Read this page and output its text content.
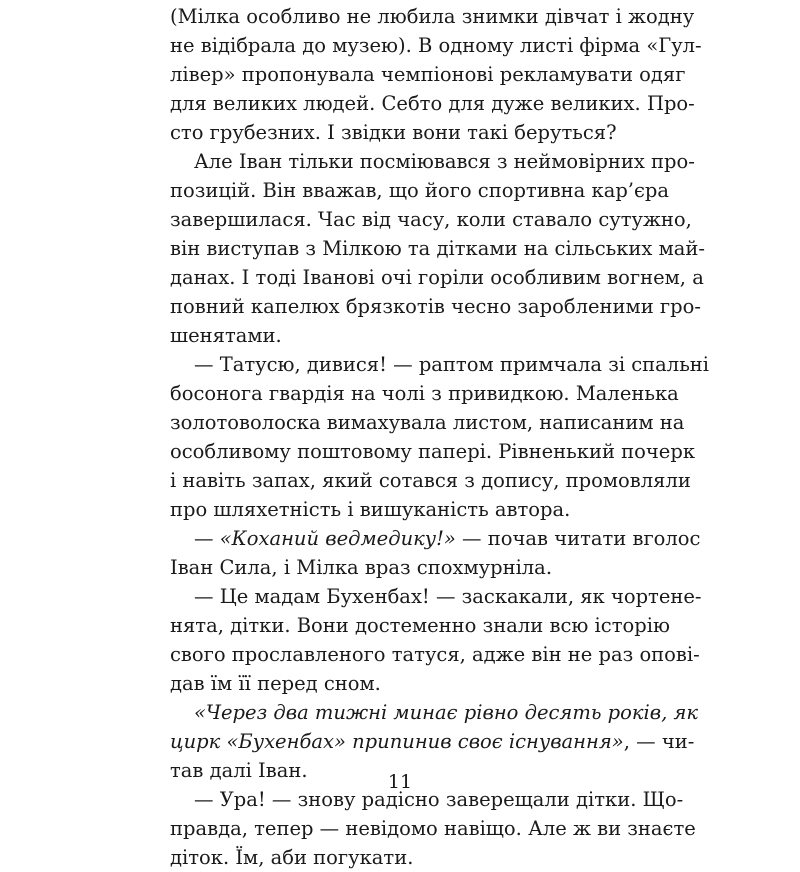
(Мілка особливо не любила знимки дівчат і жодну
не відібрала до музею). В одному листі фірма «Гул-
лівер» пропонувала чемпіонові рекламувати одяг
для великих людей. Себто для дуже великих. Про-
сто грубезних. І звідки вони такі беруться?
Але Іван тільки посміювався з неймовірних про-
позицій. Він вважав, що його спортивна кар’єра
завершилася. Час від часу, коли ставало сутужно,
він виступав з Мілкою та дітками на сільських май-
данах. І тоді Іванові очі горіли особливим вогнем, а
повний капелюх брязкотів чесно заробленими гро-
шенятами.
— Татусю, дивися! — раптом примчала зі спальні
босонога гвардія на чолі з привидкою. Маленька
золотоволоска вимахувала листом, написаним на
особливому поштовому папері. Рівненький почерк
і навіть запах, який сотався з допису, промовляли
про шляхетність і вишуканість автора.
— «Коханий ведмедику!» — почав читати вголос
Іван Сила, і Мілка враз спохмурніла.
— Це мадам Бухенбах! — заскакали, як чортене-
нята, дітки. Вони достеменно знали всю історію
свого прославленого татуся, адже він не раз опові-
дав їм її перед сном.
«Через два тижні минає рівно десять років, як
цирк «Бухенбах» припинив своє існування», — чи-
тав далі Іван.
— Ура! — знову радісно заверещали дітки. Що-
правда, тепер — невідомо навіщо. Але ж ви знаєте
діток. Їм, аби погукати.
11
